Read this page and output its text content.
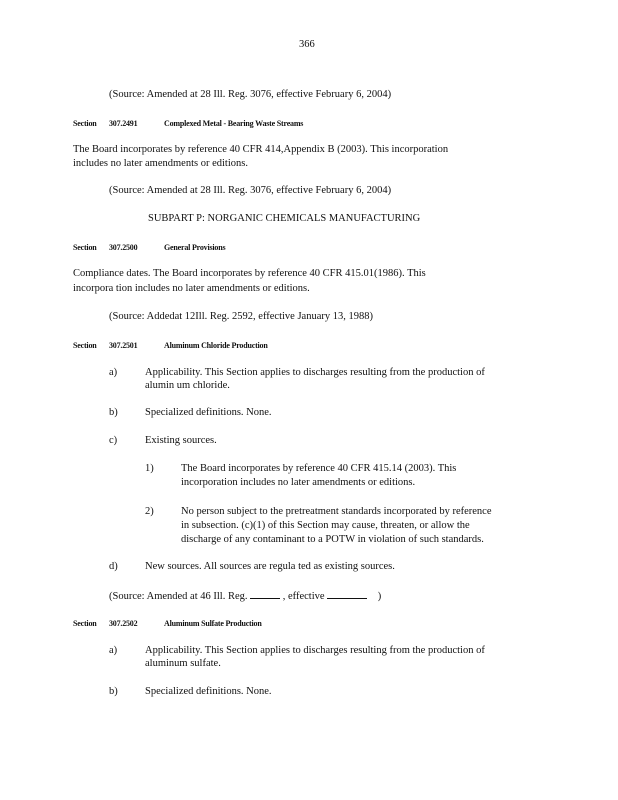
366
(Source: Amended at 28 Ill. Reg. 3076, effective February 6, 2004)
Section 307.2491	Complexed Metal - Bearing Waste Streams
The Board incorporates by reference 40 CFR 414,Appendix B (2003). This incorporation
includes no later amendments or editions.
(Source: Amended at 28 Ill. Reg. 3076, effective February 6, 2004)
SUBPART P: NORGANIC CHEMICALS MANUFACTURING
Section 307.2500	General Provisions
Compliance dates. The Board incorporates by reference 40 CFR 415.01(1986). This
incorpora tion includes no later amendments or editions.
(Source: Addedat 12Ill. Reg. 2592, effective January 13, 1988)
Section 307.2501	Aluminum Chloride Production
a)	Applicability. This Section applies to discharges resulting from the production of
alumin um chloride.
b)	Specialized definitions. None.
c)	Existing sources.
1)	The Board incorporates by reference 40 CFR 415.14 (2003). This
incorporation includes no later amendments or editions.
2)	No person subject to the pretreatment standards incorporated by reference
in subsection. (c)(1) of this Section may cause, threaten, or allow the
discharge of any contaminant to a POTW in violation of such standards.
d)	New sources. All sources are regula ted as existing sources.
(Source: Amended at 46 Ill. Reg.	, effective	)
Section 307.2502	Aluminum Sulfate Production
a)	Applicability. This Section applies to discharges resulting from the production of
aluminum sulfate.
b)	Specialized definitions. None.
